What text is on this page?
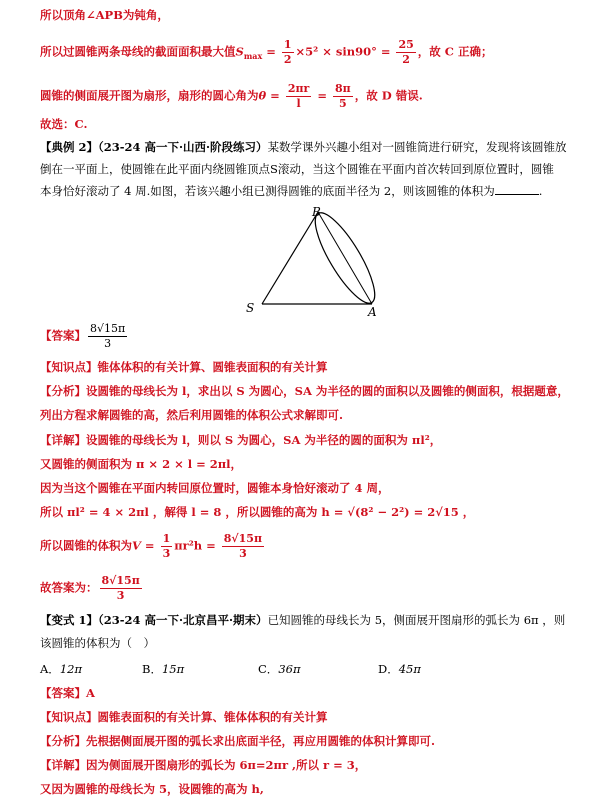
所以顶角∠APB为钝角，
所以过圆锥两条母线的截面面积最大值$S_{max} = \frac{1}{2} \times 5^2 \times \sin 90^\circ = \frac{25}{2}$ ，故 C 正确；
圆锥的侧面展开图为扇形，扇形的圆心角为$\theta = \frac{2\pi r}{l} = \frac{8\pi}{5}$ ，故 D 错误.
故选：C.
【典例 2】（23-24 高一下·山西·阶段练习）某数学课外兴趣小组对一圆锥筒进行研究，发现将该圆锥放
倒在一平面上，使圆锥在此平面内绕圆锥顶点S滚动，当这个圆锥在平面内首次转回到原位置时，圆锥
本身恰好滚动了 4 周.如图，若该兴趣小组已测得圆锥的底面半径为 2，则该圆锥的体积为	.
B
S	A
【答案】 $\frac{8√15\pi}{3}$
【知识点】锥体体积的有关计算、圆锥表面积的有关计算
【分析】设圆锥的母线长为 l，求出以 S 为圆心，SA 为半径的圆的面积以及圆锥的侧面积，根据题意，
列出方程求解圆锥的高，然后利用圆锥的体积公式求解即可.
【详解】设圆锥的母线长为 l，则以 S 为圆心，SA 为半径的圆的面积为 πl²，
又圆锥的侧面积为 π × 2 × l = 2πl，
因为当这个圆锥在平面内转回原位置时，圆锥本身恰好滚动了 4 周，
所以 πl² = 4 × 2πl ，解得 l = 8 ，所以圆锥的高为 h = √(8² − 2²) = 2√15 ，
所以圆锥的体积为$V = \frac{1}{3} \pi r^2h = \frac{8√15\pi}{3}$
故答案为： $\frac{8√15\pi}{3}$
【变式 1】（23-24 高一下·北京昌平·期末）已知圆锥的母线长为 5，侧面展开图扇形的弧长为 6π ，则
该圆锥的体积为（　）
A．12π	B．15π	C．36π	D．45π
【答案】A
【知识点】圆锥表面积的有关计算、锥体体积的有关计算
【分析】先根据侧面展开图的弧长求出底面半径，再应用圆锥的体积计算即可.
【详解】因为侧面展开图扇形的弧长为 6π=2πr ,所以 r = 3，
又因为圆锥的母线长为 5，设圆锥的高为 h,
